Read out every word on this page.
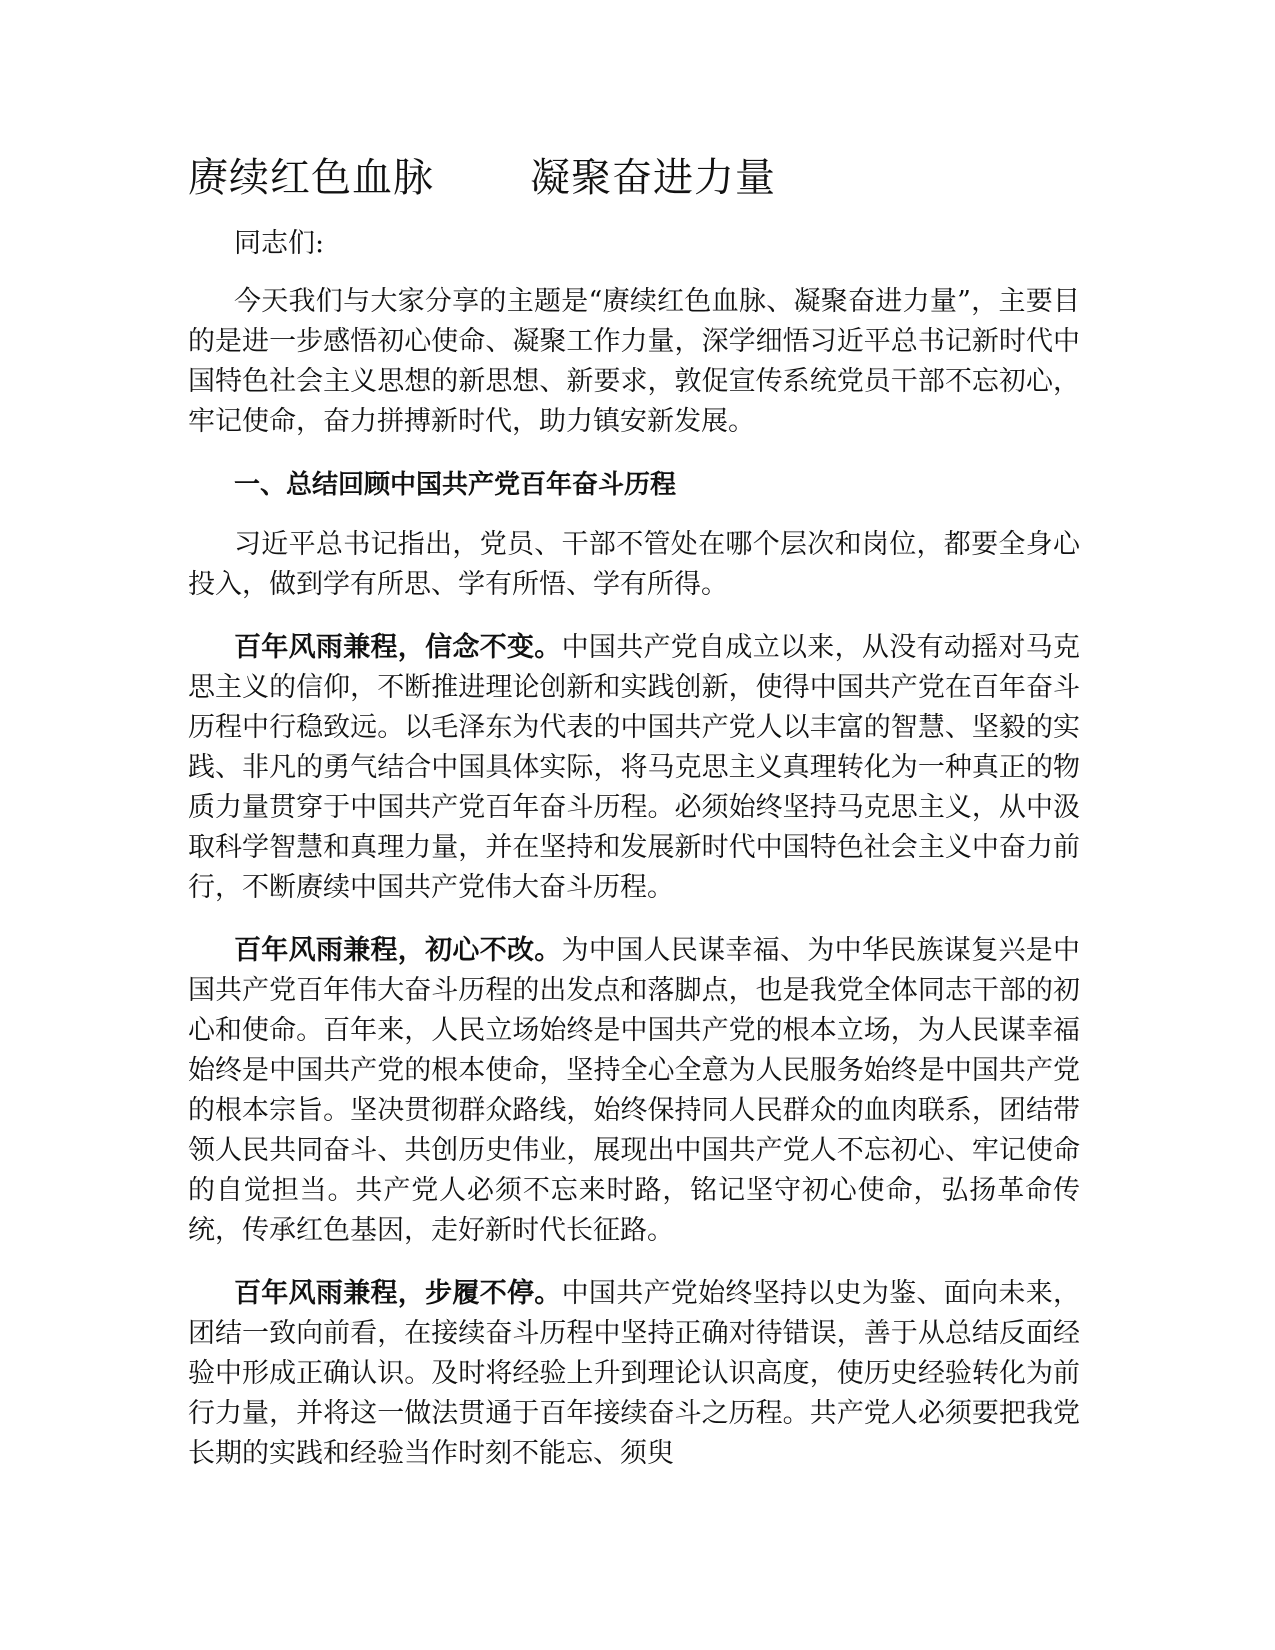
赓续红色血脉       凝聚奋进力量

同志们:

今天我们与大家分享的主题是“赓续红色血脉、凝聚奋进力量”，主要目的是进一步感悟初心使命、凝聚工作力量，深学细悟习近平总书记新时代中国特色社会主义思想的新思想、新要求，敦促宣传系统党员干部不忘初心，牢记使命，奋力拼搏新时代，助力镇安新发展。

一、总结回顾中国共产党百年奋斗历程

习近平总书记指出，党员、干部不管处在哪个层次和岗位，都要全身心投入，做到学有所思、学有所悟、学有所得。

百年风雨兼程，信念不变。中国共产党自成立以来，从没有动摇对马克思主义的信仰，不断推进理论创新和实践创新，使得中国共产党在百年奋斗历程中行稳致远。以毛泽东为代表的中国共产党人以丰富的智慧、坚毅的实践、非凡的勇气结合中国具体实际，将马克思主义真理转化为一种真正的物质力量贯穿于中国共产党百年奋斗历程。必须始终坚持马克思主义，从中汲取科学智慧和真理力量，并在坚持和发展新时代中国特色社会主义中奋力前行，不断赓续中国共产党伟大奋斗历程。

百年风雨兼程，初心不改。为中国人民谋幸福、为中华民族谋复兴是中国共产党百年伟大奋斗历程的出发点和落脚点，也是我党全体同志干部的初心和使命。百年来，人民立场始终是中国共产党的根本立场，为人民谋幸福始终是中国共产党的根本使命，坚持全心全意为人民服务始终是中国共产党的根本宗旨。坚决贯彻群众路线，始终保持同人民群众的血肉联系，团结带领人民共同奋斗、共创历史伟业，展现出中国共产党人不忘初心、牢记使命的自觉担当。共产党人必须不忘来时路，铭记坚守初心使命，弘扬革命传统，传承红色基因，走好新时代长征路。

百年风雨兼程，步履不停。中国共产党始终坚持以史为鉴、面向未来，团结一致向前看，在接续奋斗历程中坚持正确对待错误，善于从总结反面经验中形成正确认识。及时将经验上升到理论认识高度，使历史经验转化为前行力量，并将这一做法贯通于百年接续奋斗之历程。共产党人必须要把我党长期的实践和经验当作时刻不能忘、须臾
